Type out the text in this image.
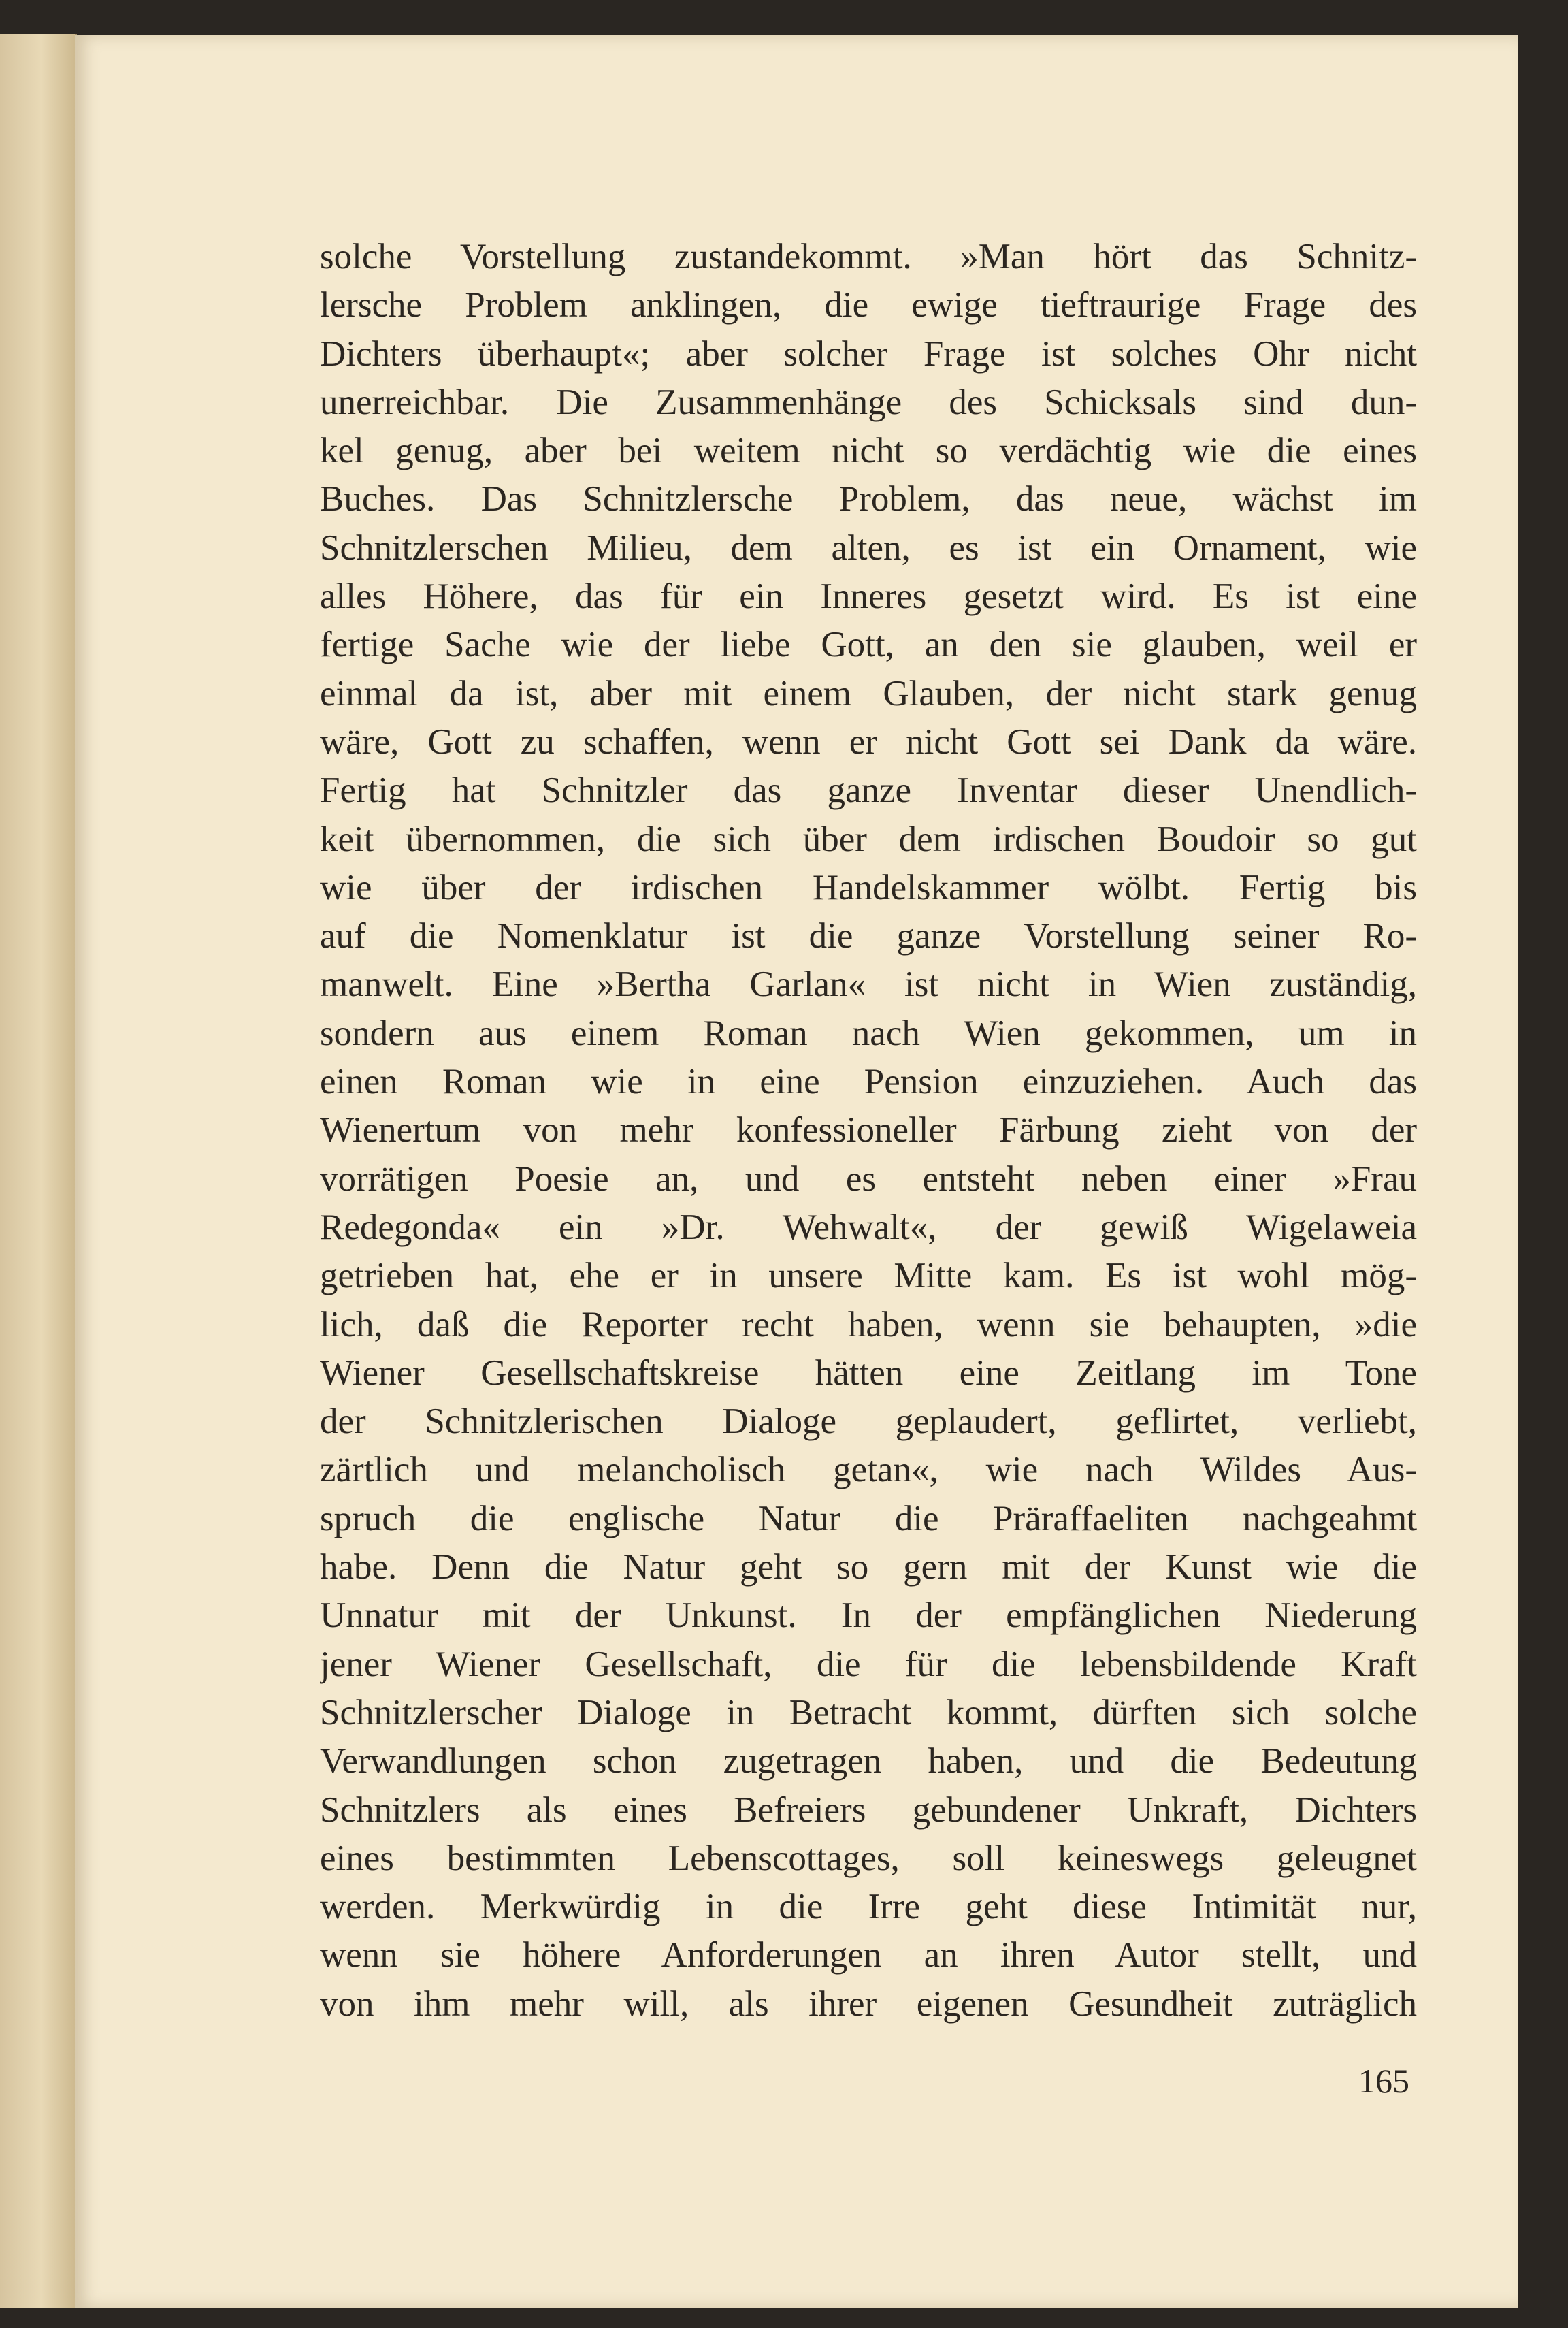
solche Vorstellung zustandekommt. »Man hört das Schnitz-
lersche Problem anklingen, die ewige tieftraurige Frage des
Dichters überhaupt«; aber solcher Frage ist solches Ohr nicht
unerreichbar. Die Zusammenhänge des Schicksals sind dun-
kel genug, aber bei weitem nicht so verdächtig wie die eines
Buches. Das Schnitzlersche Problem, das neue, wächst im
Schnitzlerschen Milieu, dem alten, es ist ein Ornament, wie
alles Höhere, das für ein Inneres gesetzt wird. Es ist eine
fertige Sache wie der liebe Gott, an den sie glauben, weil er
einmal da ist, aber mit einem Glauben, der nicht stark genug
wäre, Gott zu schaffen, wenn er nicht Gott sei Dank da wäre.
Fertig hat Schnitzler das ganze Inventar dieser Unendlich-
keit übernommen, die sich über dem irdischen Boudoir so gut
wie über der irdischen Handelskammer wölbt. Fertig bis
auf die Nomenklatur ist die ganze Vorstellung seiner Ro-
manwelt. Eine »Bertha Garlan« ist nicht in Wien zuständig,
sondern aus einem Roman nach Wien gekommen, um in
einen Roman wie in eine Pension einzuziehen. Auch das
Wienertum von mehr konfessioneller Färbung zieht von der
vorrätigen Poesie an, und es entsteht neben einer »Frau
Redegonda« ein »Dr. Wehwalt«, der gewiß Wigelaweia
getrieben hat, ehe er in unsere Mitte kam. Es ist wohl mög-
lich, daß die Reporter recht haben, wenn sie behaupten, »die
Wiener Gesellschaftskreise hätten eine Zeitlang im Tone
der Schnitzlerischen Dialoge geplaudert, geflirtet, verliebt,
zärtlich und melancholisch getan«, wie nach Wildes Aus-
spruch die englische Natur die Präraffaeliten nachgeahmt
habe. Denn die Natur geht so gern mit der Kunst wie die
Unnatur mit der Unkunst. In der empfänglichen Niederung
jener Wiener Gesellschaft, die für die lebensbildende Kraft
Schnitzlerscher Dialoge in Betracht kommt, dürften sich solche
Verwandlungen schon zugetragen haben, und die Bedeutung
Schnitzlers als eines Befreiers gebundener Unkraft, Dichters
eines bestimmten Lebenscottages, soll keineswegs geleugnet
werden. Merkwürdig in die Irre geht diese Intimität nur,
wenn sie höhere Anforderungen an ihren Autor stellt, und
von ihm mehr will, als ihrer eigenen Gesundheit zuträglich
165
